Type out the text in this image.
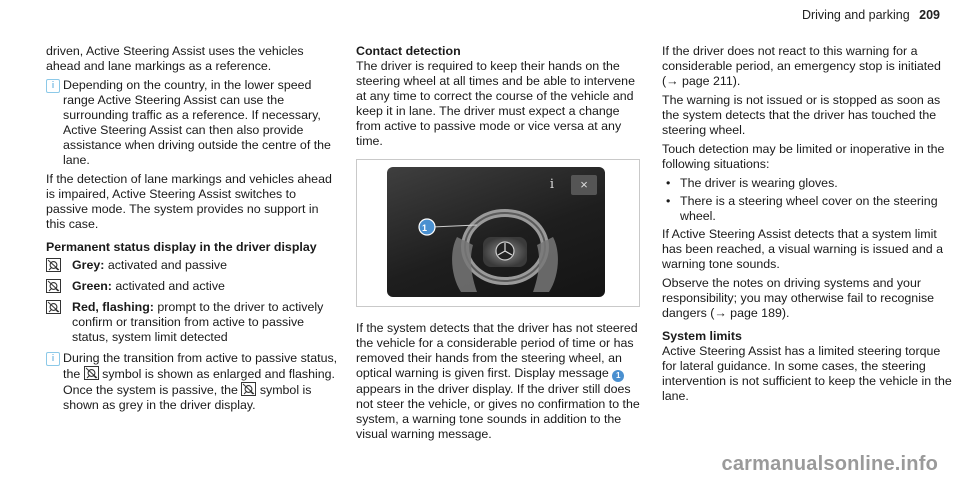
Driving and parking 209

driven, Active Steering Assist uses the vehicles ahead and lane markings as a reference.

i Depending on the country, in the lower speed range Active Steering Assist can use the surrounding traffic as a reference. If necessary, Active Steering Assist can then also provide assistance when driving outside the centre of the lane.

If the detection of lane markings and vehicles ahead is impaired, Active Steering Assist switches to passive mode. The system provides no support in this case.

Permanent status display in the driver display
Grey: activated and passive
Green: activated and active
Red, flashing: prompt to the driver to actively confirm or transition from active to passive status, system limit detected
i During the transition from active to passive status, the symbol is shown as enlarged and flashing. Once the system is passive, the symbol is shown as grey in the driver display.
Contact detection

The driver is required to keep their hands on the steering wheel at all times and be able to intervene at any time to correct the course of the vehicle and keep it in lane. The driver must expect a change from active to passive mode or vice versa at any time.

i	×
1

If the system detects that the driver has not steered the vehicle for a considerable period of time or has removed their hands from the steering wheel, an optical warning is given first. Display message 1 appears in the driver display. If the driver still does not steer the vehicle, or gives no confirmation to the system, a warning tone sounds in addition to the visual warning message.

If the driver does not react to this warning for a considerable period, an emergency stop is initiated (→ page 211).

The warning is not issued or is stopped as soon as the system detects that the driver has touched the steering wheel.

Touch detection may be limited or inoperative in the following situations:

• The driver is wearing gloves.
• There is a steering wheel cover on the steering wheel.

If Active Steering Assist detects that a system limit has been reached, a visual warning is issued and a warning tone sounds.

Observe the notes on driving systems and your responsibility; you may otherwise fail to recognise dangers (→ page 189).

System limits

Active Steering Assist has a limited steering torque for lateral guidance. In some cases, the steering intervention is not sufficient to keep the vehicle in the lane.

carmanualsonline.info
